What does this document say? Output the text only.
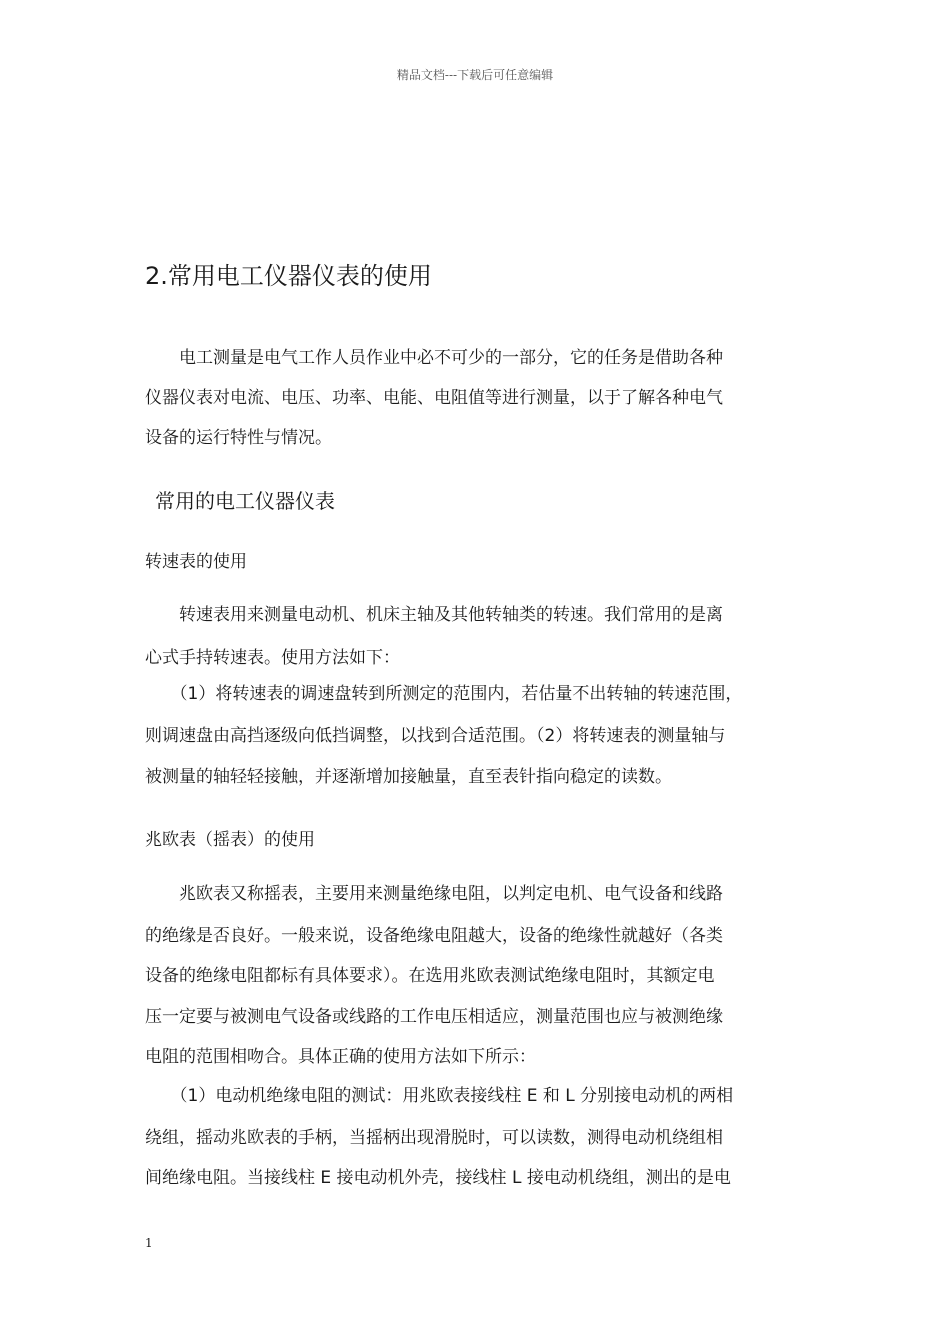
精品文档---下载后可任意编辑
2.常用电工仪器仪表的使用
　　电工测量是电气工作人员作业中必不可少的一部分，它的任务是借助各种
仪器仪表对电流、电压、功率、电能、电阻值等进行测量，以于了解各种电气
设备的运行特性与情况。
常用的电工仪器仪表
转速表的使用
　　转速表用来测量电动机、机床主轴及其他转轴类的转速。我们常用的是离
心式手持转速表。使用方法如下：
　　（1）将转速表的调速盘转到所测定的范围内，若估量不出转轴的转速范围，
则调速盘由高挡逐级向低挡调整，以找到合适范围。（2）将转速表的测量轴与
被测量的轴轻轻接触，并逐渐增加接触量，直至表针指向稳定的读数。
兆欧表（摇表）的使用
　　兆欧表又称摇表，主要用来测量绝缘电阻，以判定电机、电气设备和线路
的绝缘是否良好。一般来说，设备绝缘电阻越大，设备的绝缘性就越好（各类
设备的绝缘电阻都标有具体要求）。在选用兆欧表测试绝缘电阻时，其额定电
压一定要与被测电气设备或线路的工作电压相适应，测量范围也应与被测绝缘
电阻的范围相吻合。具体正确的使用方法如下所示：
　　（1）电动机绝缘电阻的测试：用兆欧表接线柱 E 和 L 分别接电动机的两相
绕组，摇动兆欧表的手柄，当摇柄出现滑脱时，可以读数，测得电动机绕组相
间绝缘电阻。当接线柱 E 接电动机外壳，接线柱 L 接电动机绕组，测出的是电
1
